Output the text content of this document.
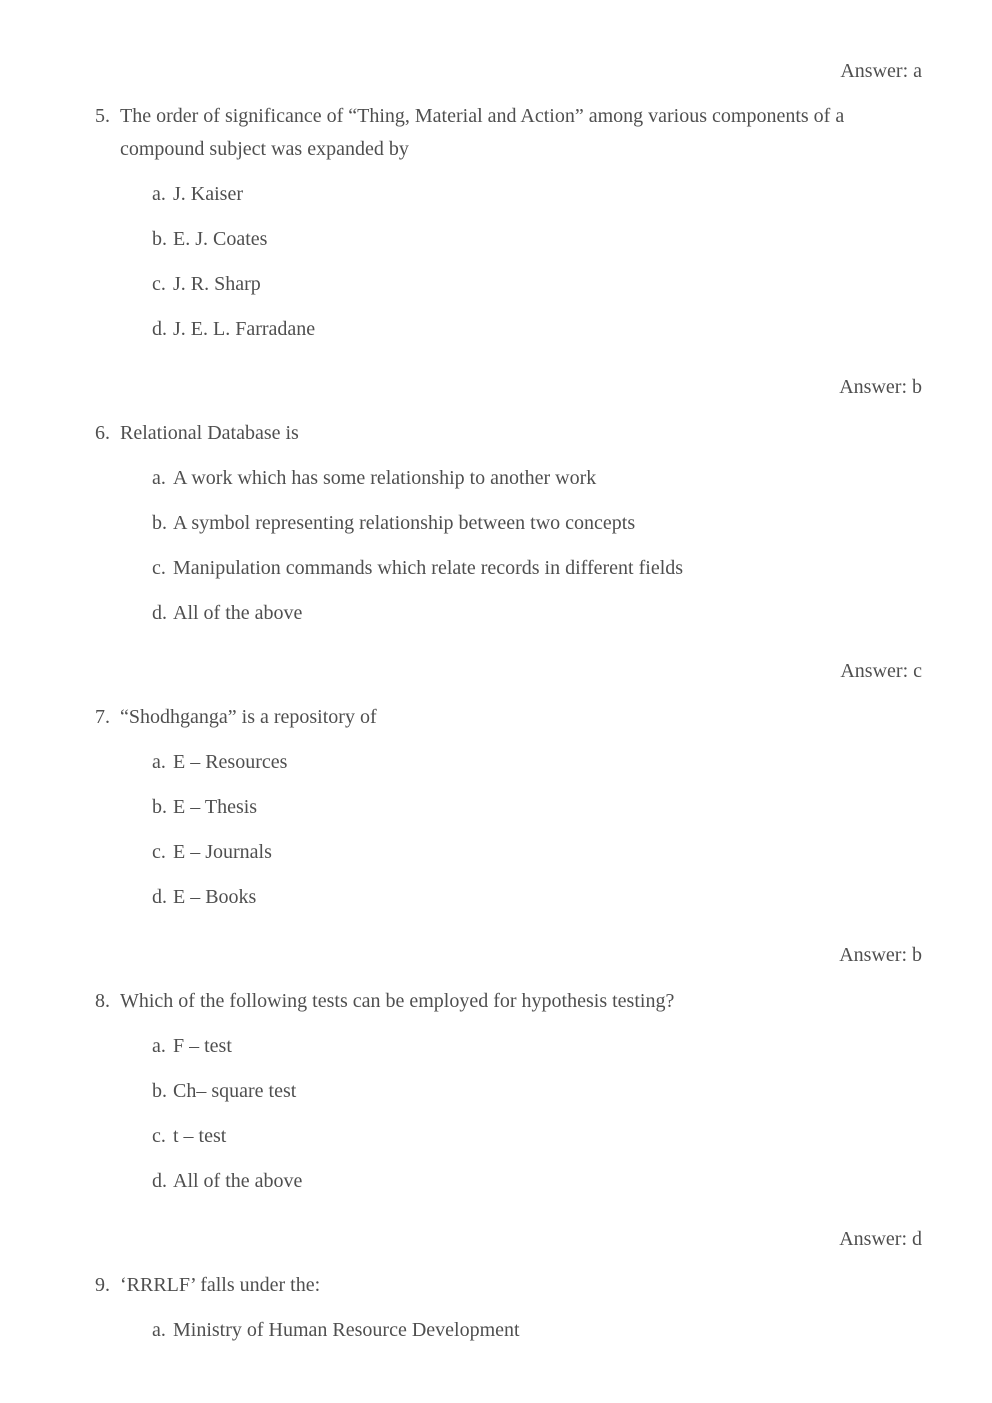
Answer: a
5. The order of significance of “Thing, Material and Action” among various components of a compound subject was expanded by
a. J. Kaiser
b. E. J. Coates
c. J. R. Sharp
d. J. E. L. Farradane
Answer: b
6. Relational Database is
a. A work which has some relationship to another work
b. A symbol representing relationship between two concepts
c. Manipulation commands which relate records in different fields
d. All of the above
Answer: c
7. “Shodhganga” is a repository of
a. E – Resources
b. E – Thesis
c. E – Journals
d. E – Books
Answer: b
8. Which of the following tests can be employed for hypothesis testing?
a. F – test
b. Ch– square test
c. t – test
d. All of the above
Answer: d
9. ‘RRRLF’ falls under the:
a. Ministry of Human Resource Development
